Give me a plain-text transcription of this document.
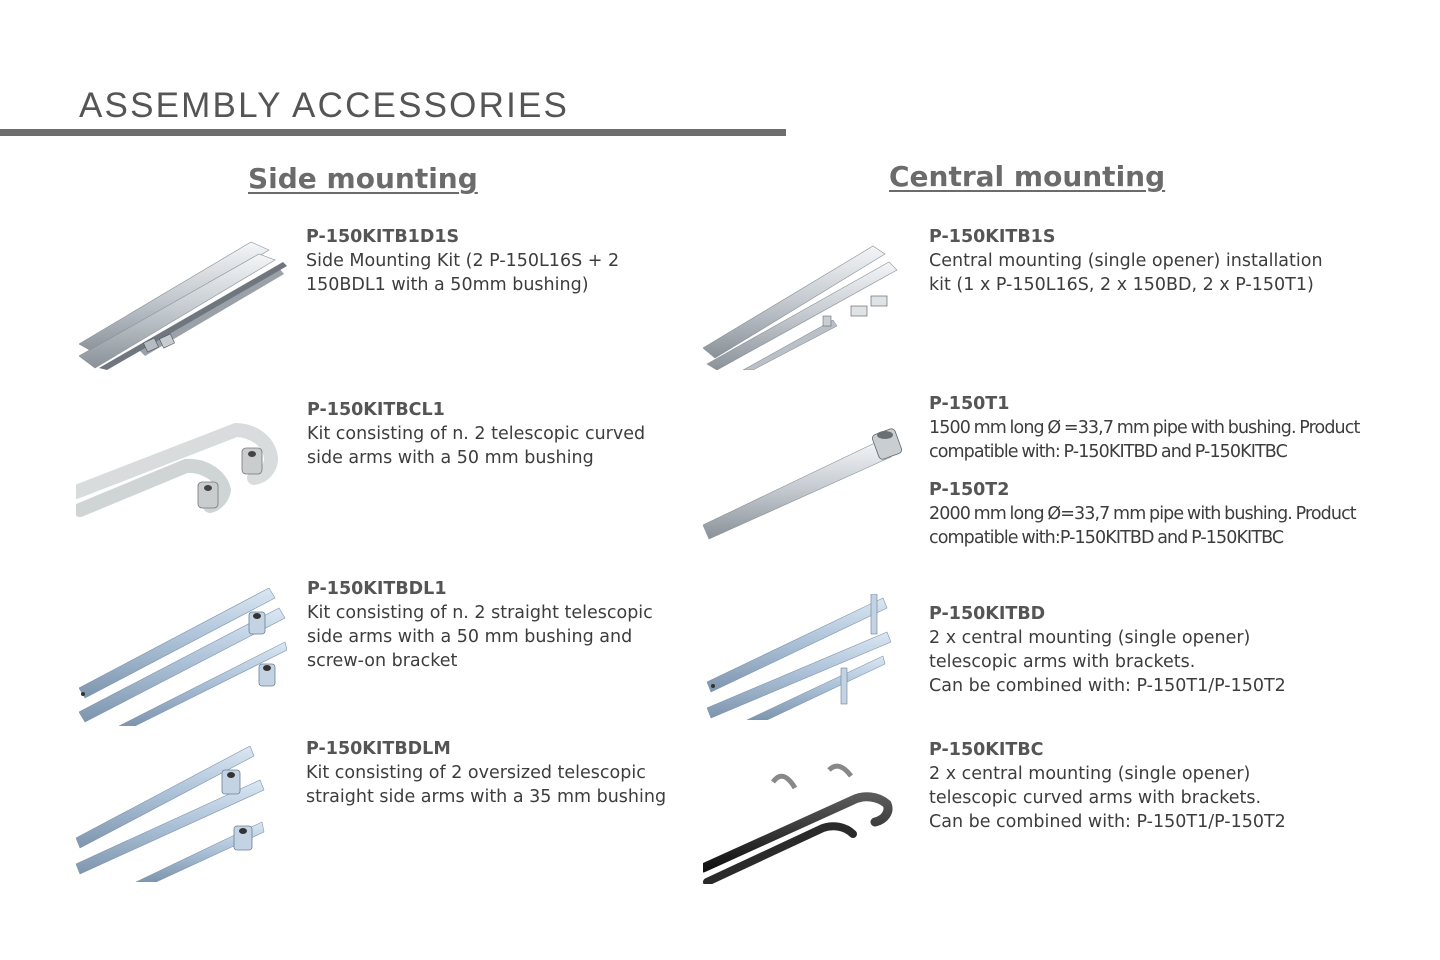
ASSEMBLY ACCESSORIES
Side mounting	Central mounting
P-150KITB1D1S
Side Mounting Kit (2 P-150L16S + 2
150BDL1 with a 50mm bushing)
P-150KITBCL1
Kit consisting of n. 2 telescopic curved
side arms with a 50 mm bushing
P-150KITBDL1
Kit consisting of n. 2 straight telescopic
side arms with a 50 mm bushing and
screw-on bracket
P-150KITBDLM
Kit consisting of 2 oversized telescopic
straight side arms with a 35 mm bushing
P-150KITB1S
Central mounting (single opener) installation
kit (1 x P-150L16S, 2 x 150BD, 2 x P-150T1)
P-150T1
1500 mm long Ø =33,7 mm pipe with bushing. Product
compatible with: P-150KITBD and P-150KITBC
P-150T2
2000 mm long Ø=33,7 mm pipe with bushing. Product
compatible with:P-150KITBD and P-150KITBC
P-150KITBD
2 x central mounting (single opener)
telescopic arms with brackets.
Can be combined with: P-150T1/P-150T2
P-150KITBC
2 x central mounting (single opener)
telescopic curved arms with brackets.
Can be combined with: P-150T1/P-150T2
